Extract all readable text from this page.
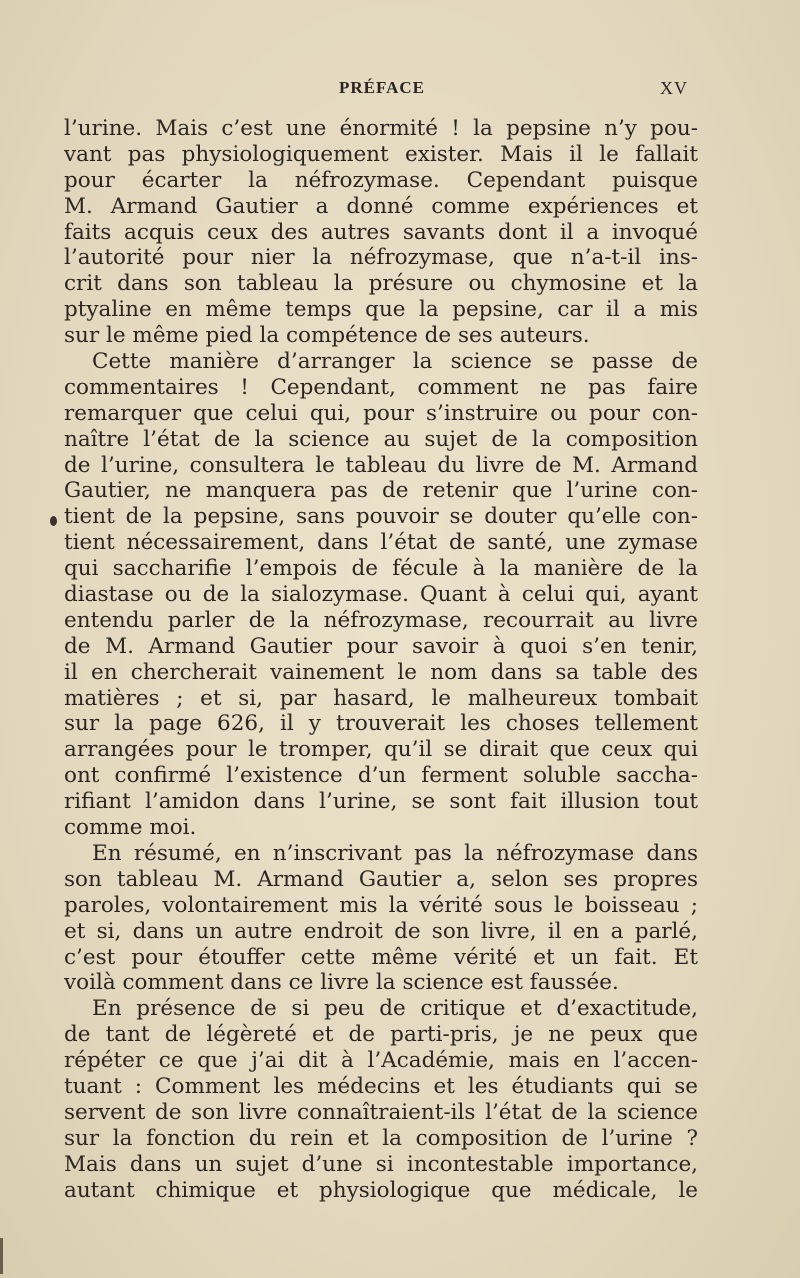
PRÉFACE	XV
l’urine. Mais c’est une énormité ! la pepsine n’y pou-
vant pas physiologiquement exister. Mais il le fallait
pour écarter la néfrozymase. Cependant puisque
M. Armand Gautier a donné comme expériences et
faits acquis ceux des autres savants dont il a invoqué
l’autorité pour nier la néfrozymase, que n’a-t-il ins-
crit dans son tableau la présure ou chymosine et la
ptyaline en même temps que la pepsine, car il a mis
sur le même pied la compétence de ses auteurs.
Cette manière d’arranger la science se passe de
commentaires ! Cependant, comment ne pas faire
remarquer que celui qui, pour s’instruire ou pour con-
naître l’état de la science au sujet de la composition
de l’urine, consultera le tableau du livre de M. Armand
Gautier, ne manquera pas de retenir que l’urine con-
tient de la pepsine, sans pouvoir se douter qu’elle con-
tient nécessairement, dans l’état de santé, une zymase
qui saccharifie l’empois de fécule à la manière de la
diastase ou de la sialozymase. Quant à celui qui, ayant
entendu parler de la néfrozymase, recourrait au livre
de M. Armand Gautier pour savoir à quoi s’en tenir,
il en chercherait vainement le nom dans sa table des
matières ; et si, par hasard, le malheureux tombait
sur la page 626, il y trouverait les choses tellement
arrangées pour le tromper, qu’il se dirait que ceux qui
ont confirmé l’existence d’un ferment soluble saccha-
rifiant l’amidon dans l’urine, se sont fait illusion tout
comme moi.
En résumé, en n’inscrivant pas la néfrozymase dans
son tableau M. Armand Gautier a, selon ses propres
paroles, volontairement mis la vérité sous le boisseau ;
et si, dans un autre endroit de son livre, il en a parlé,
c’est pour étouffer cette même vérité et un fait. Et
voilà comment dans ce livre la science est faussée.
En présence de si peu de critique et d’exactitude,
de tant de légèreté et de parti-pris, je ne peux que
répéter ce que j’ai dit à l’Académie, mais en l’accen-
tuant : Comment les médecins et les étudiants qui se
servent de son livre connaîtraient-ils l’état de la science
sur la fonction du rein et la composition de l’urine ?
Mais dans un sujet d’une si incontestable importance,
autant chimique et physiologique que médicale, le
